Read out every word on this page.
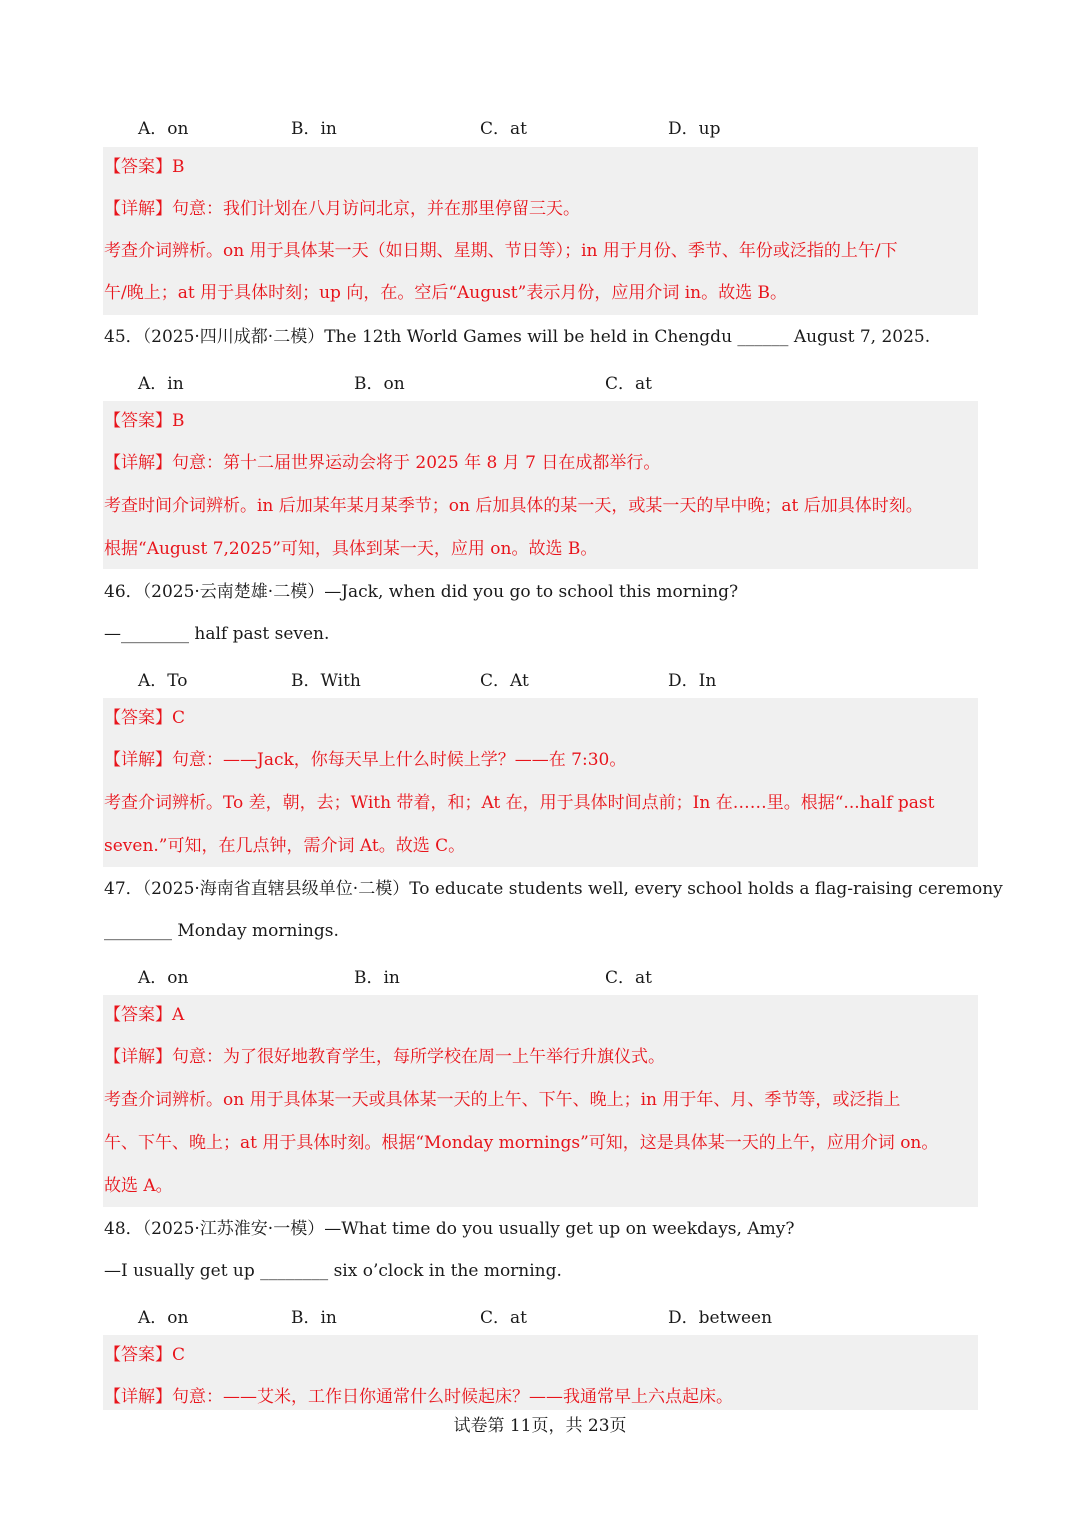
A．on	B．in	C．at	D．up
【答案】B
【详解】句意：我们计划在八月访问北京，并在那里停留三天。
考查介词辨析。on 用于具体某一天（如日期、星期、节日等）；in 用于月份、季节、年份或泛指的上午/下
午/晚上；at 用于具体时刻；up 向，在。空后“August”表示月份，应用介词 in。故选 B。
45．（2025·四川成都·二模）The 12th World Games will be held in Chengdu ______ August 7, 2025.
A．in	B．on	C．at
【答案】B
【详解】句意：第十二届世界运动会将于 2025 年 8 月 7 日在成都举行。
考查时间介词辨析。in 后加某年某月某季节；on 后加具体的某一天，或某一天的早中晚；at 后加具体时刻。
根据“August 7,2025”可知，具体到某一天，应用 on。故选 B。
46．（2025·云南楚雄·二模）—Jack, when did you go to school this morning?
—________ half past seven.
A．To	B．With	C．At	D．In
【答案】C
【详解】句意：——Jack，你每天早上什么时候上学？——在 7:30。
考查介词辨析。To 差，朝，去；With 带着，和；At 在，用于具体时间点前；In 在……里。根据“...half past
seven.”可知，在几点钟，需介词 At。故选 C。
47．（2025·海南省直辖县级单位·二模）To educate students well, every school holds a flag-raising ceremony
________ Monday mornings.
A．on	B．in	C．at
【答案】A
【详解】句意：为了很好地教育学生，每所学校在周一上午举行升旗仪式。
考查介词辨析。on 用于具体某一天或具体某一天的上午、下午、晚上；in 用于年、月、季节等，或泛指上
午、下午、晚上；at 用于具体时刻。根据“Monday mornings”可知，这是具体某一天的上午，应用介词 on。
故选 A。
48．（2025·江苏淮安·一模）—What time do you usually get up on weekdays, Amy?
—I usually get up ________ six o’clock in the morning.
A．on	B．in	C．at	D．between
【答案】C
【详解】句意：——艾米，工作日你通常什么时候起床？——我通常早上六点起床。
试卷第 11页，共 23页
